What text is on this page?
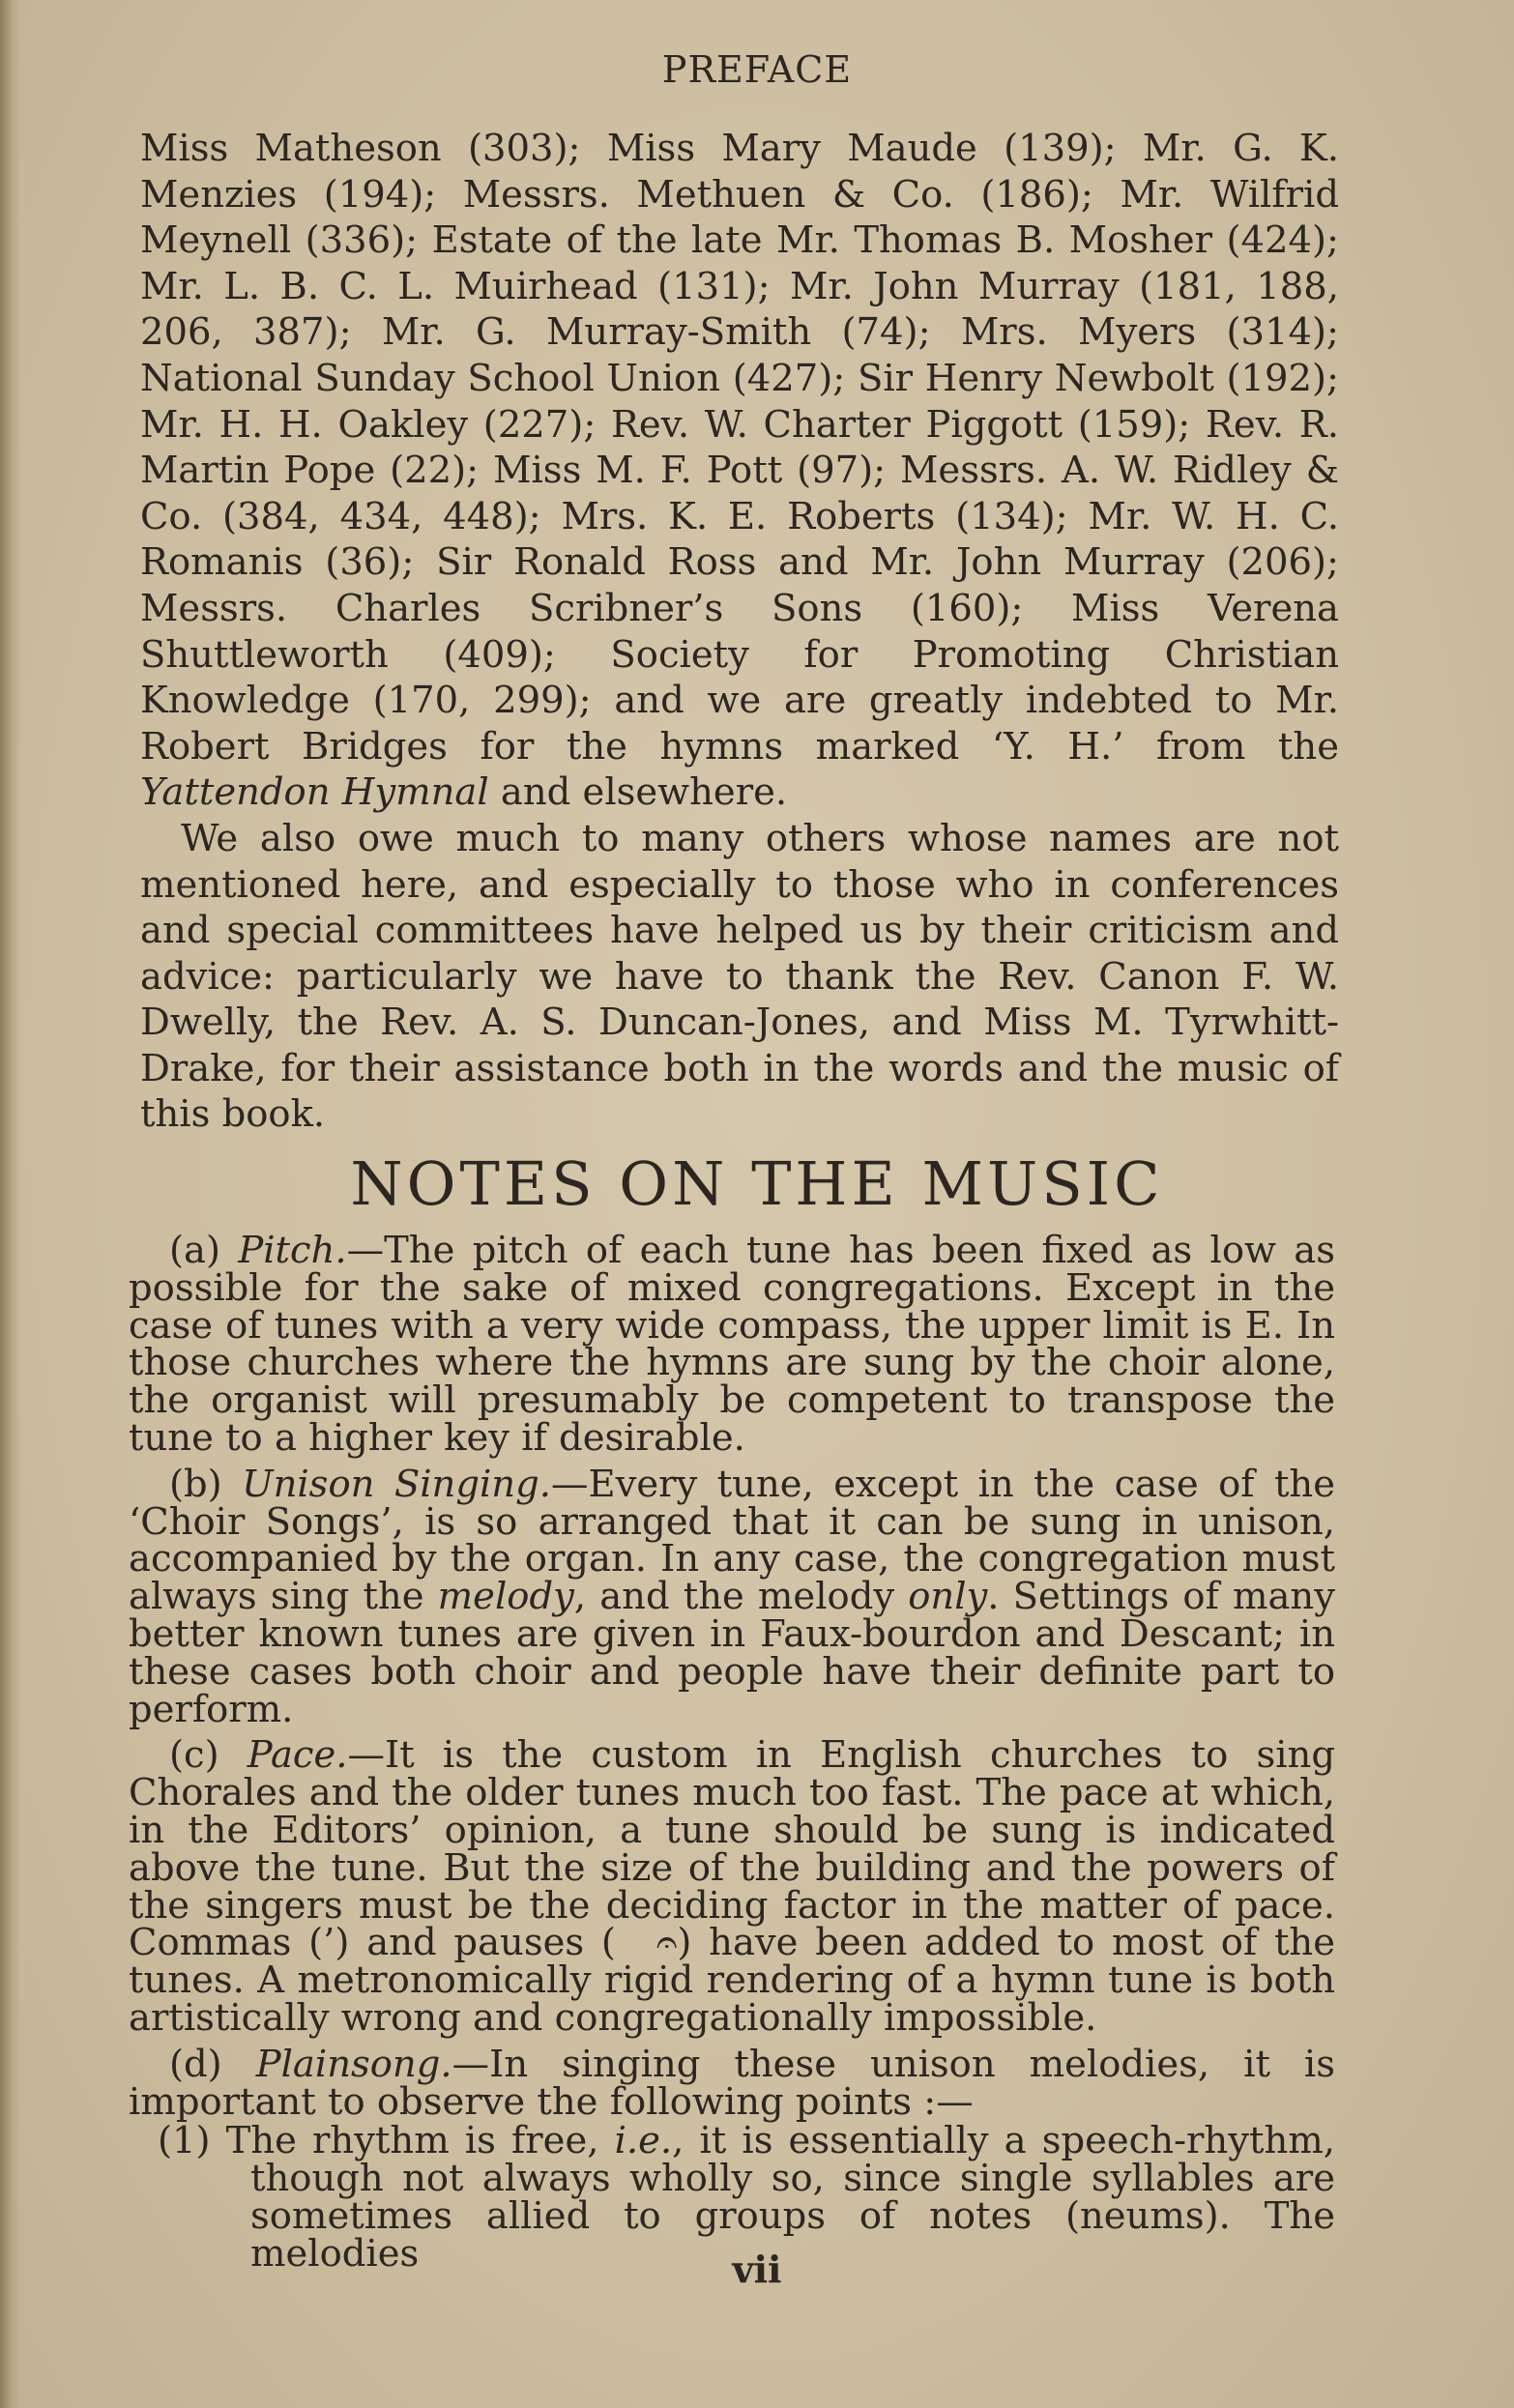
PREFACE

Miss Matheson (303); Miss Mary Maude (139); Mr. G. K. Menzies (194); Messrs. Methuen & Co. (186); Mr. Wilfrid Meynell (336); Estate of the late Mr. Thomas B. Mosher (424); Mr. L. B. C. L. Muirhead (131); Mr. John Murray (181, 188, 206, 387); Mr. G. Murray-Smith (74); Mrs. Myers (314); National Sunday School Union (427); Sir Henry Newbolt (192); Mr. H. H. Oakley (227); Rev. W. Charter Piggott (159); Rev. R. Martin Pope (22); Miss M. F. Pott (97); Messrs. A. W. Ridley & Co. (384, 434, 448); Mrs. K. E. Roberts (134); Mr. W. H. C. Romanis (36); Sir Ronald Ross and Mr. John Murray (206); Messrs. Charles Scribner’s Sons (160); Miss Verena Shuttleworth (409); Society for Promoting Christian Knowledge (170, 299); and we are greatly indebted to Mr. Robert Bridges for the hymns marked ‘Y. H.’ from the Yattendon Hymnal and elsewhere.

We also owe much to many others whose names are not mentioned here, and especially to those who in conferences and special committees have helped us by their criticism and advice: particularly we have to thank the Rev. Canon F. W. Dwelly, the Rev. A. S. Duncan-Jones, and Miss M. Tyrwhitt-Drake, for their assistance both in the words and the music of this book.

NOTES ON THE MUSIC

(a) Pitch.—The pitch of each tune has been fixed as low as possible for the sake of mixed congregations. Except in the case of tunes with a very wide compass, the upper limit is E. In those churches where the hymns are sung by the choir alone, the organist will presumably be competent to transpose the tune to a higher key if desirable.

(b) Unison Singing.—Every tune, except in the case of the ‘Choir Songs’, is so arranged that it can be sung in unison, accompanied by the organ. In any case, the congregation must always sing the melody, and the melody only. Settings of many better known tunes are given in Faux-bourdon and Descant; in these cases both choir and people have their definite part to perform.

(c) Pace.—It is the custom in English churches to sing Chorales and the older tunes much too fast. The pace at which, in the Editors’ opinion, a tune should be sung is indicated above the tune. But the size of the building and the powers of the singers must be the deciding factor in the matter of pace. Commas (’) and pauses ( 𝄐) have been added to most of the tunes. A metronomically rigid rendering of a hymn tune is both artistically wrong and congregationally impossible.

(d) Plainsong.—In singing these unison melodies, it is important to observe the following points :—

(1) The rhythm is free, i.e., it is essentially a speech-rhythm, though not always wholly so, since single syllables are sometimes allied to groups of notes (neums). The melodies	vii
